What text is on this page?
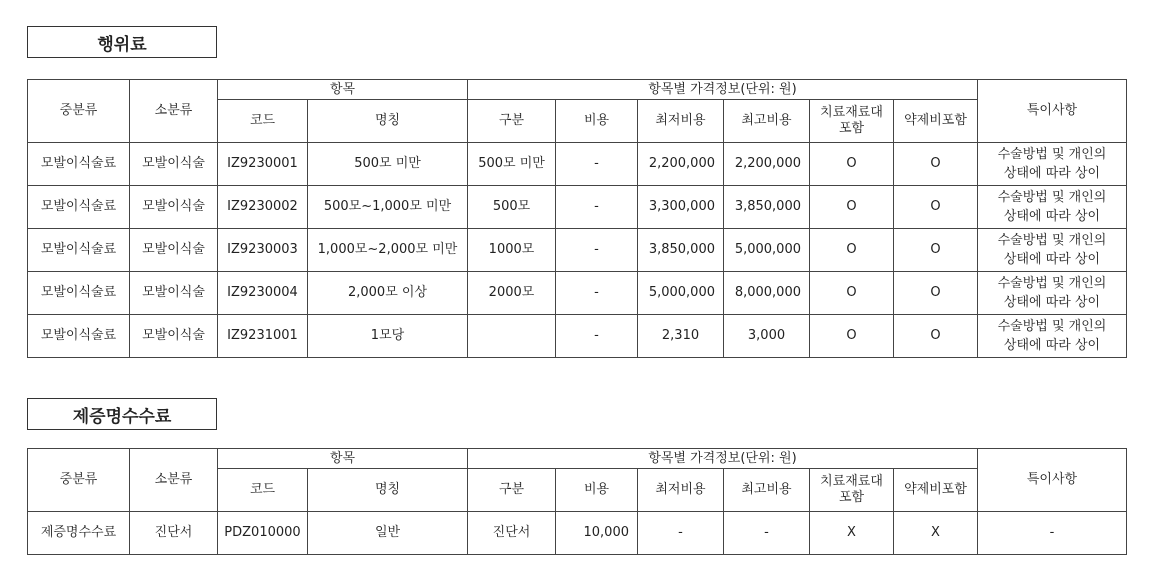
행위료
중분류	소분류	항목		항목별 가격정보(단위: 원)						특이사항
		코드	명칭	구분	비용	최저비용	최고비용	치료재료대 포함	약제비포함	
모발이식술료	모발이식술	IZ9230001	500모 미만	500모 미만	-	2,200,000	2,200,000	O	O	수술방법 및 개인의 상태에 따라 상이
모발이식술료	모발이식술	IZ9230002	500모~1,000모 미만	500모	-	3,300,000	3,850,000	O	O	수술방법 및 개인의 상태에 따라 상이
모발이식술료	모발이식술	IZ9230003	1,000모~2,000모 미만	1000모	-	3,850,000	5,000,000	O	O	수술방법 및 개인의 상태에 따라 상이
모발이식술료	모발이식술	IZ9230004	2,000모 이상	2000모	-	5,000,000	8,000,000	O	O	수술방법 및 개인의 상태에 따라 상이
모발이식술료	모발이식술	IZ9231001	1모당		-	2,310	3,000	O	O	수술방법 및 개인의 상태에 따라 상이
제증명수수료
중분류	소분류	항목		항목별 가격정보(단위: 원)						특이사항
		코드	명칭	구분	비용	최저비용	최고비용	치료재료대 포함	약제비포함	
제증명수수료	진단서	PDZ010000	일반	진단서	10,000	-	-	X	X	-
